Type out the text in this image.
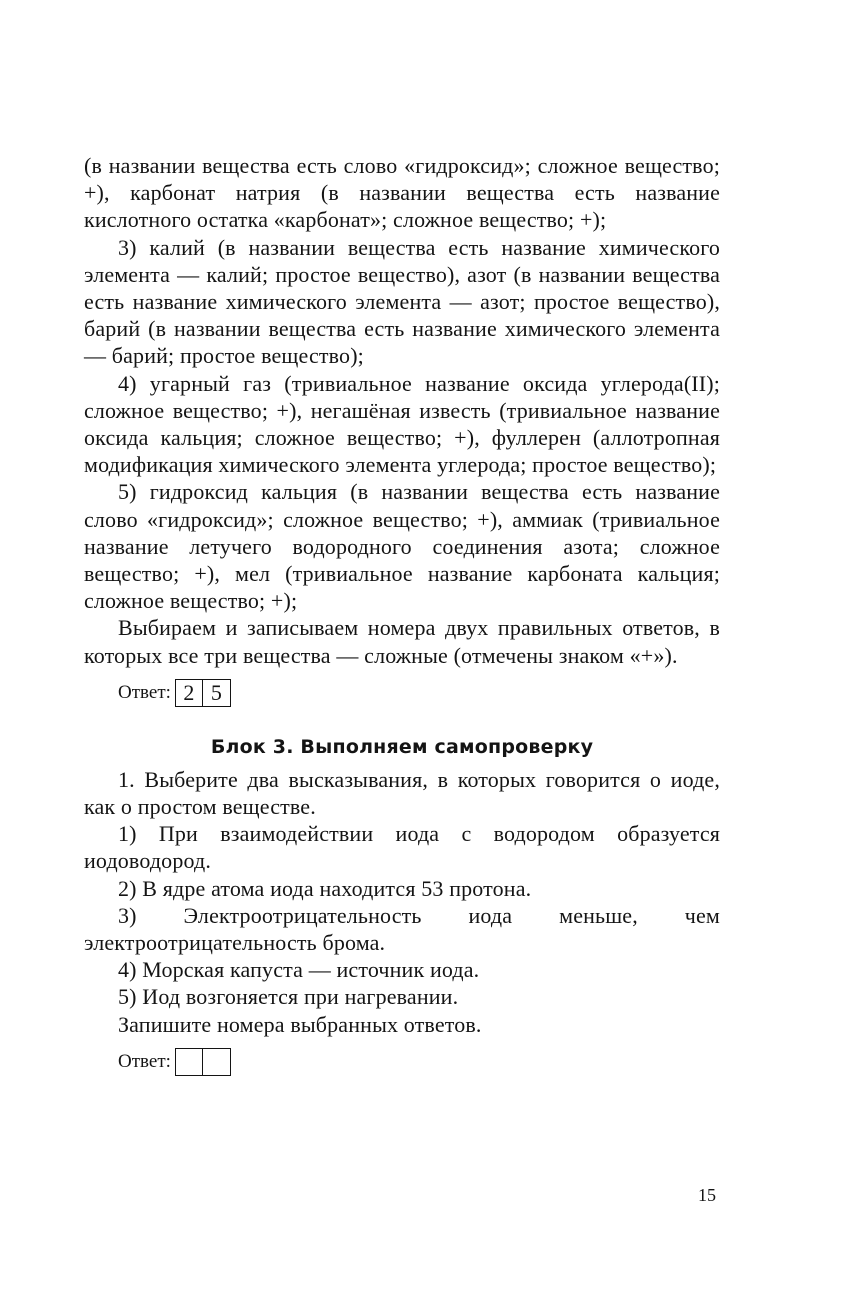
(в названии вещества есть слово «гидроксид»; сложное вещество; +), карбонат натрия (в названии вещества есть название кислотного остатка «карбонат»; сложное вещество; +);

3) калий (в названии вещества есть название химического элемента — калий; простое вещество), азот (в названии вещества есть название химического элемента — азот; простое вещество), барий (в названии вещества есть название химического элемента — барий; простое вещество);

4) угарный газ (тривиальное название оксида углерода(II); сложное вещество; +), негашёная известь (тривиальное название оксида кальция; сложное вещество; +), фуллерен (аллотропная модификация химического элемента углерода; простое вещество);

5) гидроксид кальция (в названии вещества есть название слово «гидроксид»; сложное вещество; +), аммиак (тривиальное название летучего водородного соединения азота; сложное вещество; +), мел (тривиальное название карбоната кальция; сложное вещество; +);

Выбираем и записываем номера двух правильных ответов, в которых все три вещества — сложные (отмечены знаком «+»).

Ответ: 2 5
Блок 3. Выполняем самопроверку

1. Выберите два высказывания, в которых говорится о иоде, как о простом веществе.

1) При взаимодействии иода с водородом образуется иодоводород.

2) В ядре атома иода находится 53 протона.

3) Электроотрицательность иода меньше, чем электроотрицательность брома.

4) Морская капуста — источник иода.

5) Иод возгоняется при нагревании.

Запишите номера выбранных ответов.

Ответ:
15
